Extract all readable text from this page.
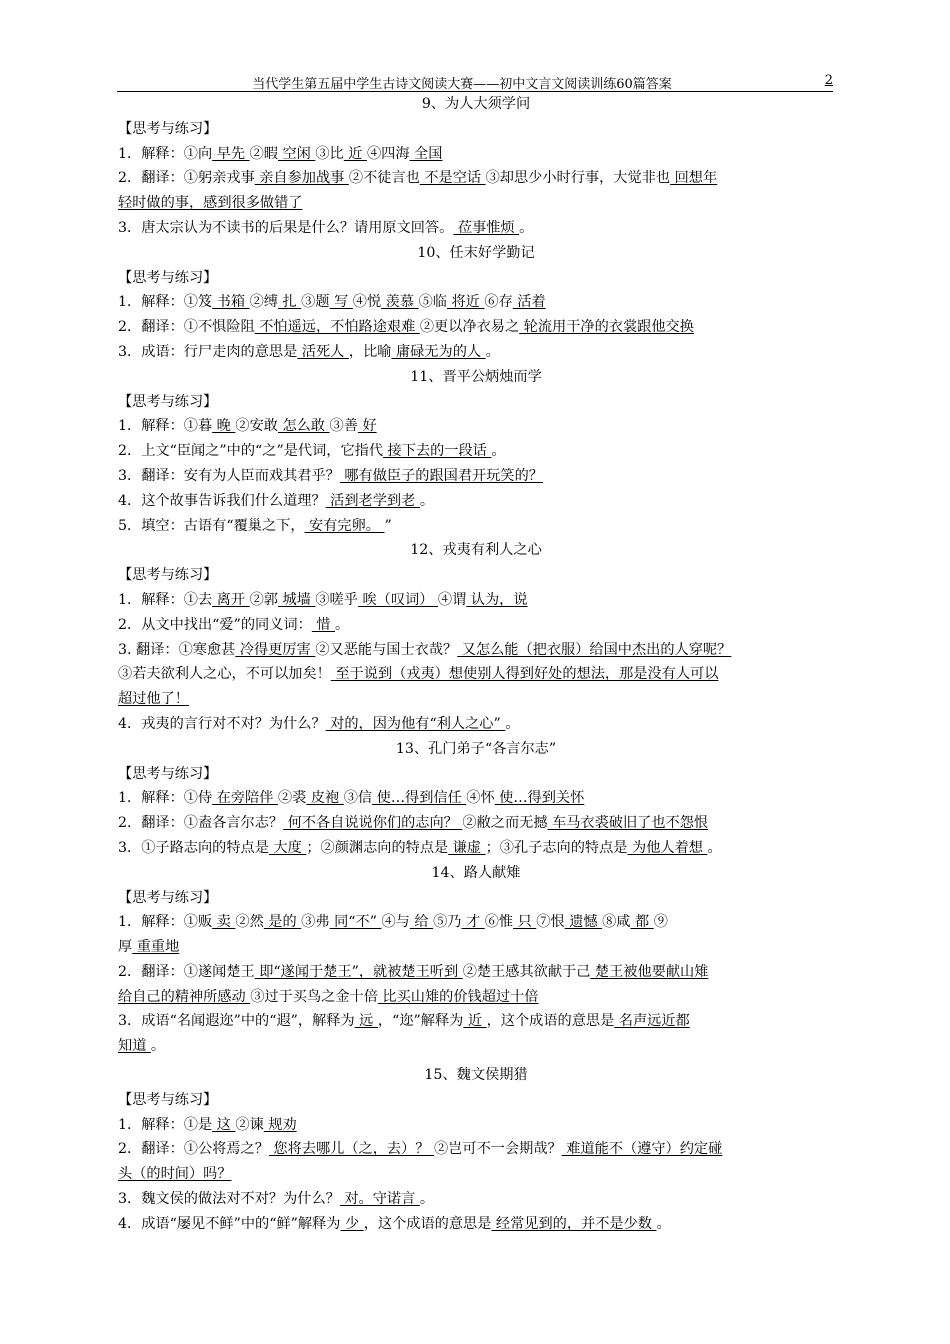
当代学生第五届中学生古诗文阅读大赛——初中文言文阅读训练60篇答案	2
9、为人大须学问
【思考与练习】
1．解释：①向 早先 ②暇 空闲 ③比 近 ④四海 全国
2．翻译：①躬亲戎事 亲自参加战事 ②不徒言也 不是空话 ③却思少小时行事，大觉非也 回想年
轻时做的事，感到很多做错了
3．唐太宗认为不读书的后果是什么？请用原文回答。 莅事惟烦 。
10、任末好学勤记
【思考与练习】
1．解释：①笈 书箱 ②缚 扎 ③题 写 ④悦 羡慕 ⑤临 将近 ⑥存 活着
2．翻译：①不惧险阻 不怕遥远，不怕路途艰难 ②更以净衣易之 轮流用干净的衣裳跟他交换
3．成语：行尸走肉的意思是 活死人 ，比喻 庸碌无为的人 。
11、晋平公炳烛而学
【思考与练习】
1．解释：①暮 晚 ②安敢 怎么敢 ③善 好
2．上文“臣闻之”中的“之”是代词，它指代 接下去的一段话 。
3．翻译：安有为人臣而戏其君乎？ 哪有做臣子的跟国君开玩笑的？
4．这个故事告诉我们什么道理？ 活到老学到老 。
5．填空：古语有“覆巢之下， 安有完卵。 ”
12、戎夷有利人之心
【思考与练习】
1．解释：①去 离开 ②郭 城墙 ③嗟乎 唉（叹词） ④谓 认为，说
2．从文中找出“爱”的同义词： 惜 。
3. 翻译：①寒愈甚 冷得更厉害 ②又恶能与国士衣哉？ 又怎么能（把衣服）给国中杰出的人穿呢？
③若夫欲利人之心，不可以加矣！ 至于说到（戎夷）想使别人得到好处的想法，那是没有人可以
超过他了！
4．戎夷的言行对不对？为什么？ 对的，因为他有“利人之心” 。
13、孔门弟子“各言尔志”
【思考与练习】
1．解释：①侍 在旁陪伴 ②裘 皮袍 ③信 使…得到信任 ④怀 使…得到关怀
2．翻译：①盍各言尔志？ 何不各自说说你们的志向？ ②敝之而无撼 车马衣裘破旧了也不怨恨
3．①子路志向的特点是 大度 ；②颜渊志向的特点是 谦虚 ；③孔子志向的特点是 为他人着想 。
14、路人献雉
【思考与练习】
1．解释：①贩 卖 ②然 是的 ③弗 同“不” ④与 给 ⑤乃 才 ⑥惟 只 ⑦恨 遗憾 ⑧咸 都 ⑨
厚 重重地
2．翻译：①遂闻楚王 即“遂闻于楚王”，就被楚王听到 ②楚王感其欲献于己 楚王被他要献山雉
给自己的精神所感动 ③过于买鸟之金十倍 比买山雉的价钱超过十倍
3．成语“名闻遐迩”中的“遐”，解释为 远 ，“迩”解释为 近 ，这个成语的意思是 名声远近都
知道 。
15、魏文侯期猎
【思考与练习】
1．解释：①是 这 ②谏 规劝
2．翻译：①公将焉之？ 您将去哪儿（之，去）？ ②岂可不一会期哉？ 难道能不（遵守）约定碰
头（的时间）吗？
3．魏文侯的做法对不对？为什么？ 对。守诺言 。
4．成语“屡见不鲜”中的“鲜”解释为 少 ，这个成语的意思是 经常见到的，并不是少数 。
